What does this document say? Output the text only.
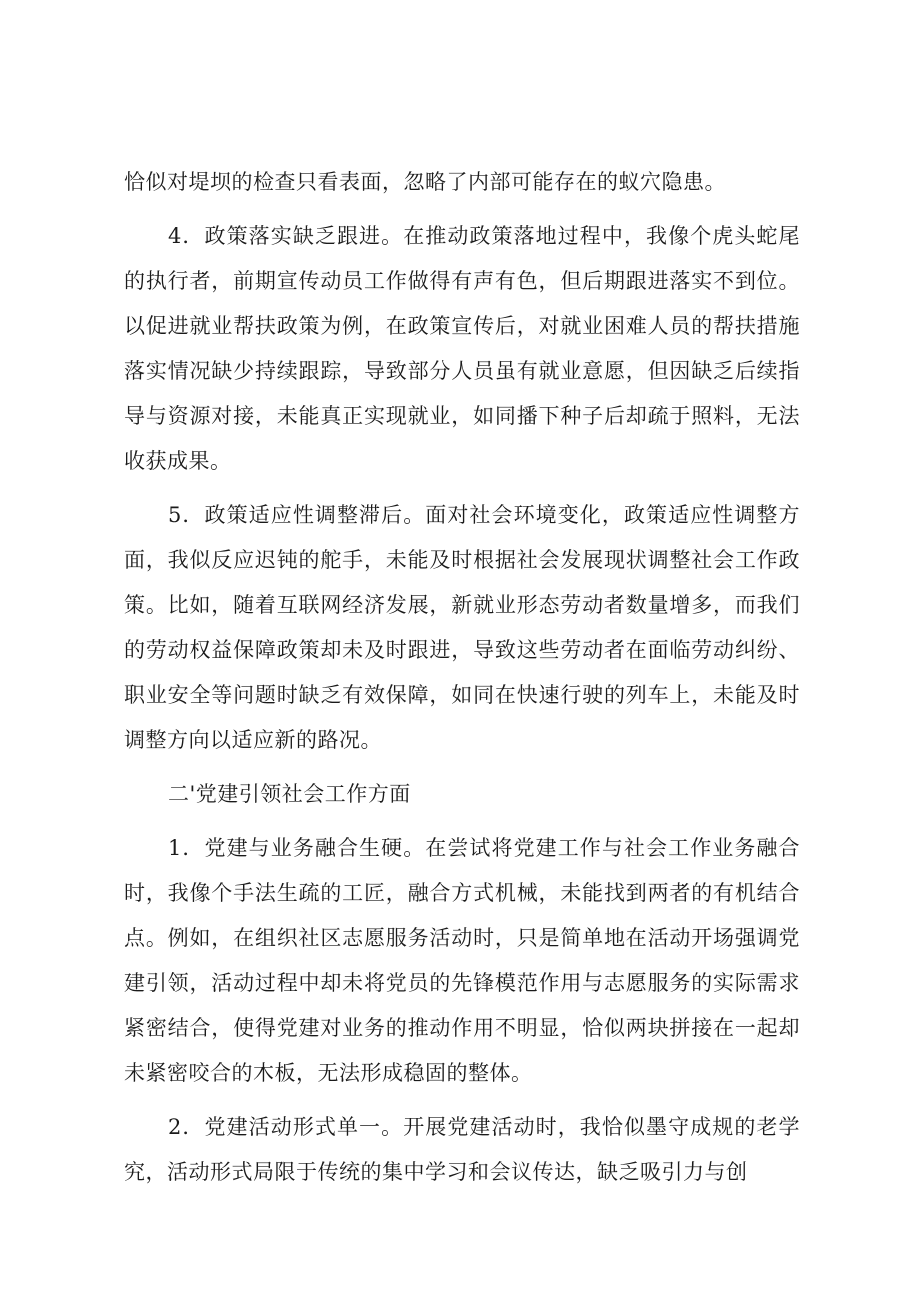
恰似对堤坝的检查只看表面，忽略了内部可能存在的蚁穴隐患。

4．政策落实缺乏跟进。在推动政策落地过程中，我像个虎头蛇尾的执行者，前期宣传动员工作做得有声有色，但后期跟进落实不到位。以促进就业帮扶政策为例，在政策宣传后，对就业困难人员的帮扶措施落实情况缺少持续跟踪，导致部分人员虽有就业意愿，但因缺乏后续指导与资源对接，未能真正实现就业，如同播下种子后却疏于照料，无法收获成果。

5．政策适应性调整滞后。面对社会环境变化，政策适应性调整方面，我似反应迟钝的舵手，未能及时根据社会发展现状调整社会工作政策。比如，随着互联网经济发展，新就业形态劳动者数量增多，而我们的劳动权益保障政策却未及时跟进，导致这些劳动者在面临劳动纠纷、职业安全等问题时缺乏有效保障，如同在快速行驶的列车上，未能及时调整方向以适应新的路况。

二'党建引领社会工作方面

1．党建与业务融合生硬。在尝试将党建工作与社会工作业务融合时，我像个手法生疏的工匠，融合方式机械，未能找到两者的有机结合点。例如，在组织社区志愿服务活动时，只是简单地在活动开场强调党建引领，活动过程中却未将党员的先锋模范作用与志愿服务的实际需求紧密结合，使得党建对业务的推动作用不明显，恰似两块拼接在一起却未紧密咬合的木板，无法形成稳固的整体。

2．党建活动形式单一。开展党建活动时，我恰似墨守成规的老学究，活动形式局限于传统的集中学习和会议传达，缺乏吸引力与创
